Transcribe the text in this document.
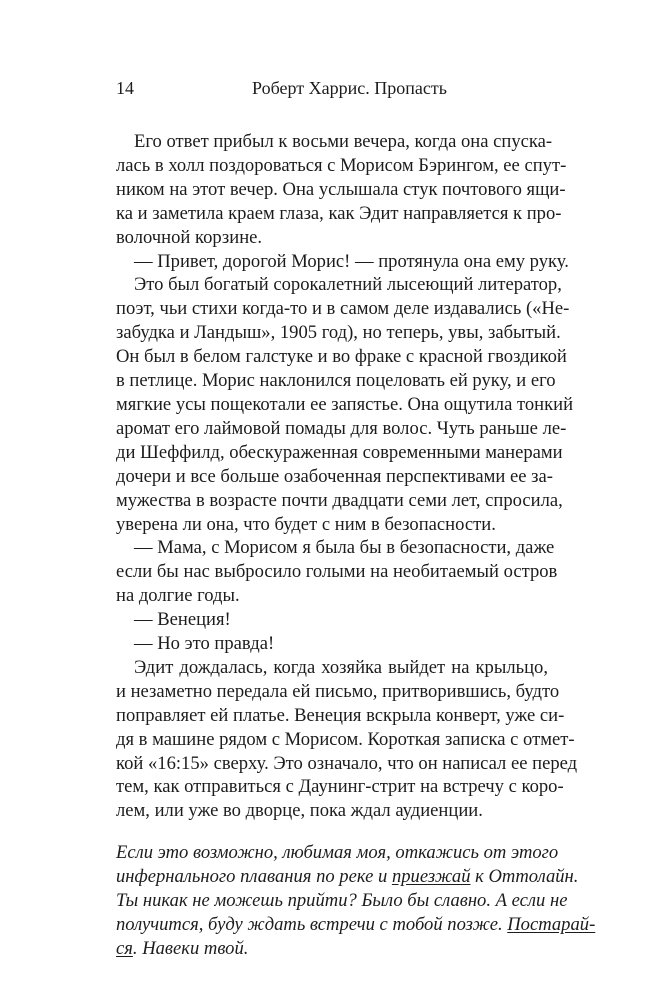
14	Роберт Харрис. Пропасть
Его ответ прибыл к восьми вечера, когда она спуска-
лась в холл поздороваться с Морисом Бэрингом, ее спут-
ником на этот вечер. Она услышала стук почтового ящи-
ка и заметила краем глаза, как Эдит направляется к про-
волочной корзине.
— Привет, дорогой Морис! — протянула она ему руку.
Это был богатый сорокалетний лысеющий литератор,
поэт, чьи стихи когда-то и в самом деле издавались («Не-
забудка и Ландыш», 1905 год), но теперь, увы, забытый.
Он был в белом галстуке и во фраке с красной гвоздикой
в петлице. Морис наклонился поцеловать ей руку, и его
мягкие усы пощекотали ее запястье. Она ощутила тонкий
аромат его лаймовой помады для волос. Чуть раньше ле-
ди Шеффилд, обескураженная современными манерами
дочери и все больше озабоченная перспективами ее за-
мужества в возрасте почти двадцати семи лет, спросила,
уверена ли она, что будет с ним в безопасности.
— Мама, с Морисом я была бы в безопасности, даже
если бы нас выбросило голыми на необитаемый остров
на долгие годы.
— Венеция!
— Но это правда!
Эдит дождалась, когда хозяйка выйдет на крыльцо,
и незаметно передала ей письмо, притворившись, будто
поправляет ей платье. Венеция вскрыла конверт, уже си-
дя в машине рядом с Морисом. Короткая записка с отмет-
кой «16:15» сверху. Это означало, что он написал ее перед
тем, как отправиться с Даунинг-стрит на встречу с коро-
лем, или уже во дворце, пока ждал аудиенции.
Если это возможно, любимая моя, откажись от этого
инфернального плавания по реке и приезжай к Оттолайн.
Ты никак не можешь прийти? Было бы славно. А если не
получится, буду ждать встречи с тобой позже. Постарай-
ся. Навеки твой.
